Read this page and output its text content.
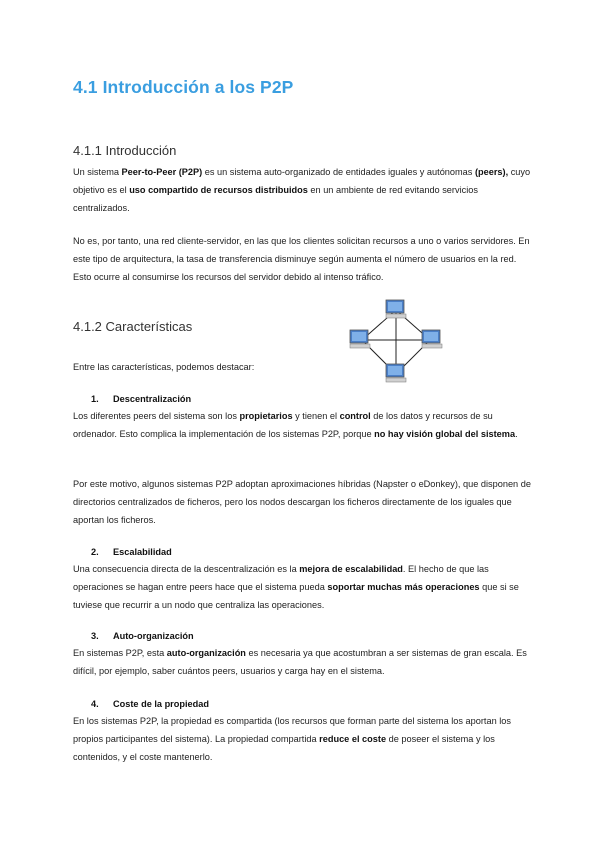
4.1 Introducción a los P2P
4.1.1 Introducción

Un sistema Peer-to-Peer (P2P) es un sistema auto-organizado de entidades iguales y autónomas (peers), cuyo objetivo es el uso compartido de recursos distribuidos en un ambiente de red evitando servicios centralizados.

No es, por tanto, una red cliente-servidor, en las que los clientes solicitan recursos a uno o varios servidores. En este tipo de arquitectura, la tasa de transferencia disminuye según aumenta el número de usuarios en la red. Esto ocurre al consumirse los recursos del servidor debido al intenso tráfico.

4.1.2 Características

Entre las características, podemos destacar:

1. Descentralización

Los diferentes peers del sistema son los propietarios y tienen el control de los datos y recursos de su ordenador. Esto complica la implementación de los sistemas P2P, porque no hay visión global del sistema.

Por este motivo, algunos sistemas P2P adoptan aproximaciones híbridas (Napster o eDonkey), que disponen de directorios centralizados de ficheros, pero los nodos descargan los ficheros directamente de los iguales que aportan los ficheros.

2. Escalabilidad

Una consecuencia directa de la descentralización es la mejora de escalabilidad. El hecho de que las operaciones se hagan entre peers hace que el sistema pueda soportar muchas más operaciones que si se tuviese que recurrir a un nodo que centraliza las operaciones.

3. Auto-organización

En sistemas P2P, esta auto-organización es necesaria ya que acostumbran a ser sistemas de gran escala. Es difícil, por ejemplo, saber cuántos peers, usuarios y carga hay en el sistema.

4. Coste de la propiedad

En los sistemas P2P, la propiedad es compartida (los recursos que forman parte del sistema los aportan los propios participantes del sistema). La propiedad compartida reduce el coste de poseer el sistema y los contenidos, y el coste mantenerlo.
